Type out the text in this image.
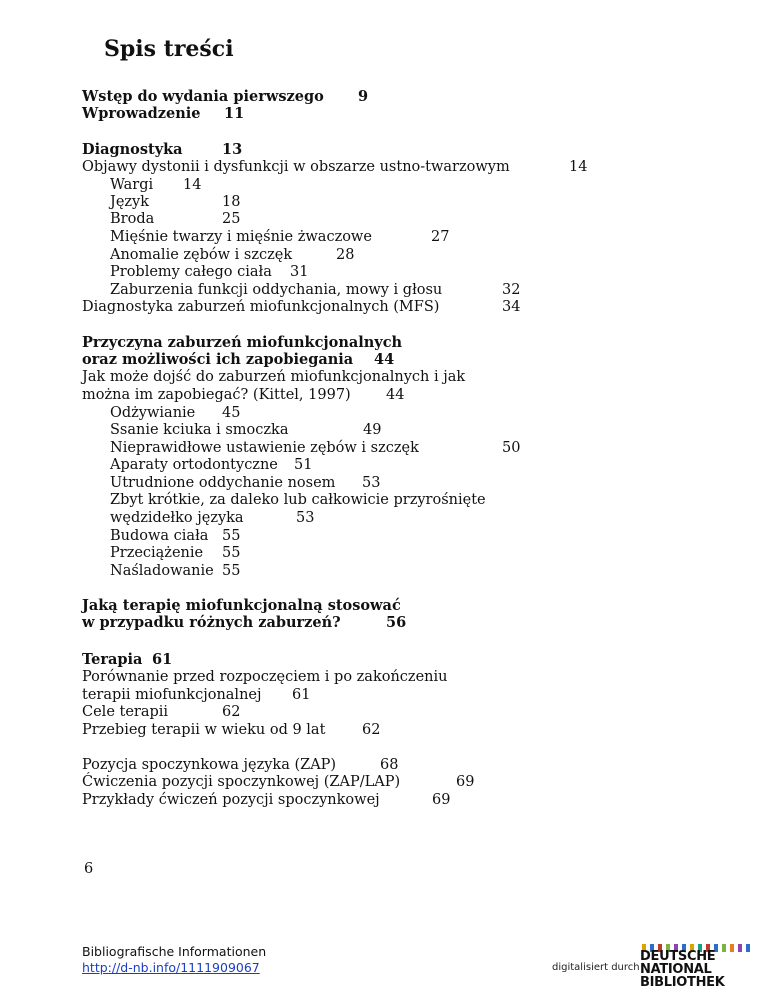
Spis treści
Wstęp do wydania pierwszego 9
Wprowadzenie 11
Diagnostyka	13
Objawy dystonii i dysfunkcji w obszarze ustno-twarzowym	14
Wargi 14
Język	18
Broda	25
Mięśnie twarzy i mięśnie żwaczowe	27
Anomalie zębów i szczęk	28
Problemy całego ciała 31
Zaburzenia funkcji oddychania, mowy i głosu	32
Diagnostyka zaburzeń miofunkcjonalnych (MFS)	34
Przyczyna zaburzeń miofunkcjonalnych
oraz możliwości ich zapobiegania 44
Jak może dojść do zaburzeń miofunkcjonalnych i jak
można im zapobiegać? (Kittel, 1997) 44
Odżywianie 45
Ssanie kciuka i smoczka	49
Nieprawidłowe ustawienie zębów i szczęk	50
Aparaty ortodontyczne 51
Utrudnione oddychanie nosem 53
Zbyt krótkie, za daleko lub całkowicie przyrośnięte
wędzidełko języka	53
Budowa ciała 55
Przeciążenie 55
Naśladowanie 55
Jaką terapię miofunkcjonalną stosować
w przypadku różnych zaburzeń?	56
Terapia 61
Porównanie przed rozpoczęciem i po zakończeniu
terapii miofunkcjonalnej 61
Cele terapii	62
Przebieg terapii w wieku od 9 lat	62
Pozycja spoczynkowa języka (ZAP)	68
Ćwiczenia pozycji spoczynkowej (ZAP/LAP)	69
Przykłady ćwiczeń pozycji spoczynkowej	69
6
Bibliografische Informationen
http://d-nb.info/1111909067	digitalisiert durch
DEUTSCHE
NATIONAL
BIBLIOTHEK
